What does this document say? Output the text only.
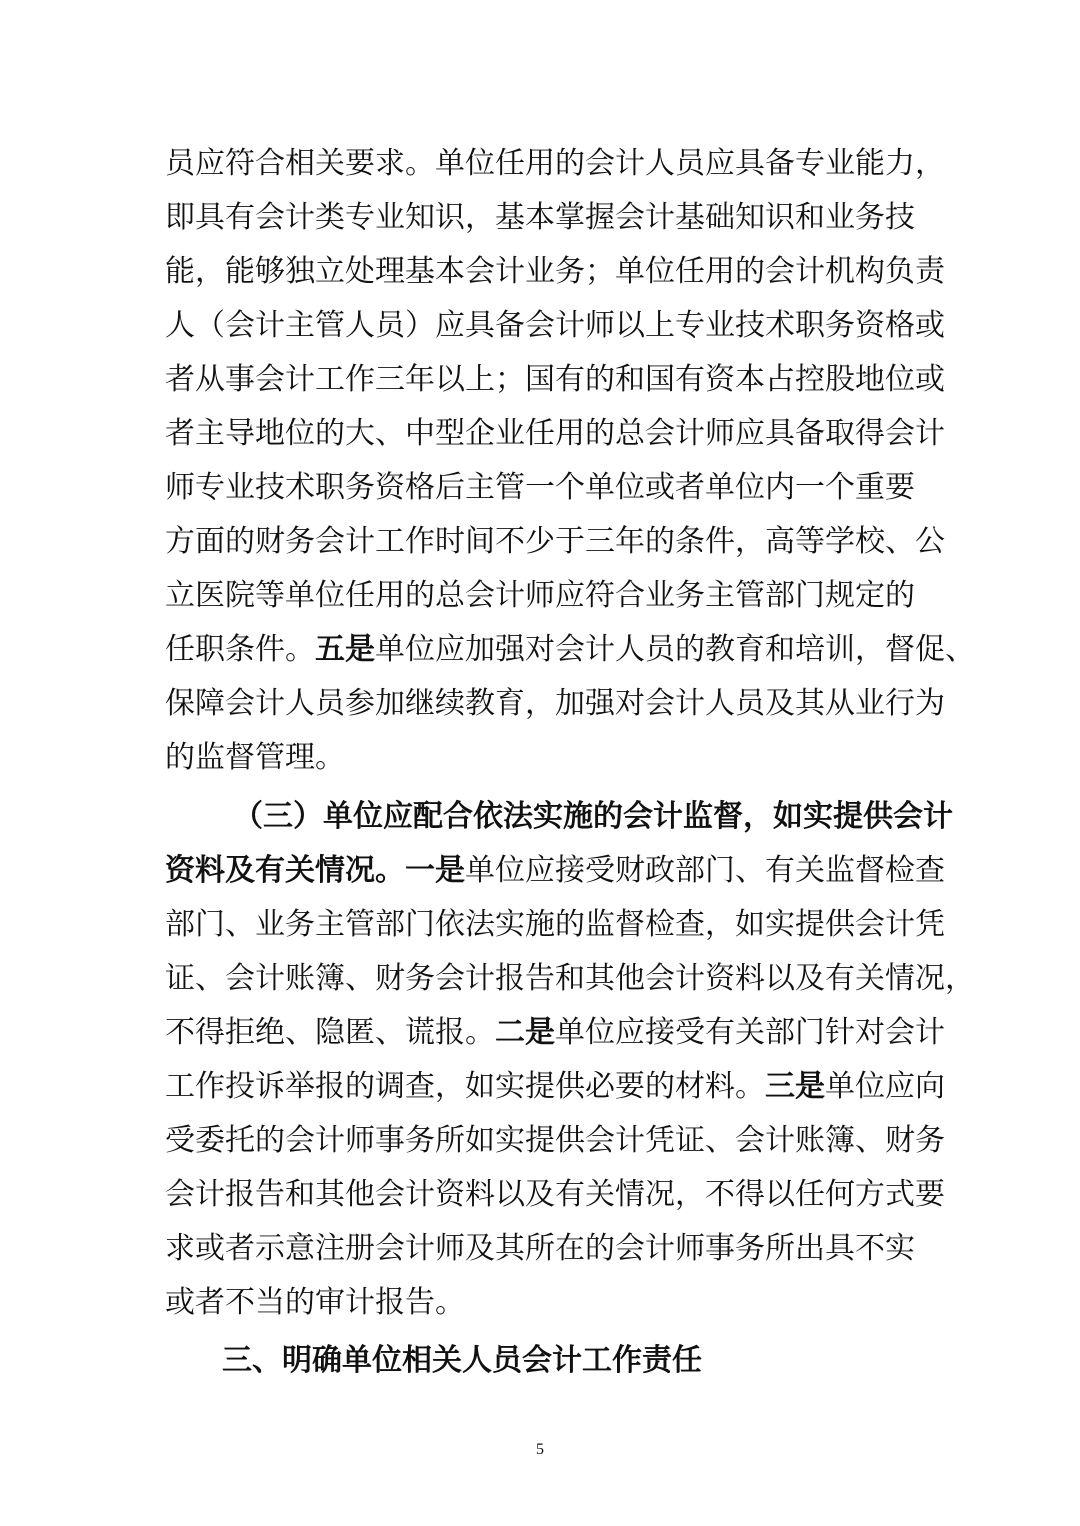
员应符合相关要求。单位任用的会计人员应具备专业能力，
即具有会计类专业知识，基本掌握会计基础知识和业务技
能，能够独立处理基本会计业务；单位任用的会计机构负责
人（会计主管人员）应具备会计师以上专业技术职务资格或
者从事会计工作三年以上；国有的和国有资本占控股地位或
者主导地位的大、中型企业任用的总会计师应具备取得会计
师专业技术职务资格后主管一个单位或者单位内一个重要
方面的财务会计工作时间不少于三年的条件，高等学校、公
立医院等单位任用的总会计师应符合业务主管部门规定的
任职条件。五是单位应加强对会计人员的教育和培训，督促、
保障会计人员参加继续教育，加强对会计人员及其从业行为
的监督管理。
（三）单位应配合依法实施的会计监督，如实提供会计
资料及有关情况。一是单位应接受财政部门、有关监督检查
部门、业务主管部门依法实施的监督检查，如实提供会计凭
证、会计账簿、财务会计报告和其他会计资料以及有关情况，
不得拒绝、隐匿、谎报。二是单位应接受有关部门针对会计
工作投诉举报的调查，如实提供必要的材料。三是单位应向
受委托的会计师事务所如实提供会计凭证、会计账簿、财务
会计报告和其他会计资料以及有关情况，不得以任何方式要
求或者示意注册会计师及其所在的会计师事务所出具不实
或者不当的审计报告。
三、明确单位相关人员会计工作责任
5
